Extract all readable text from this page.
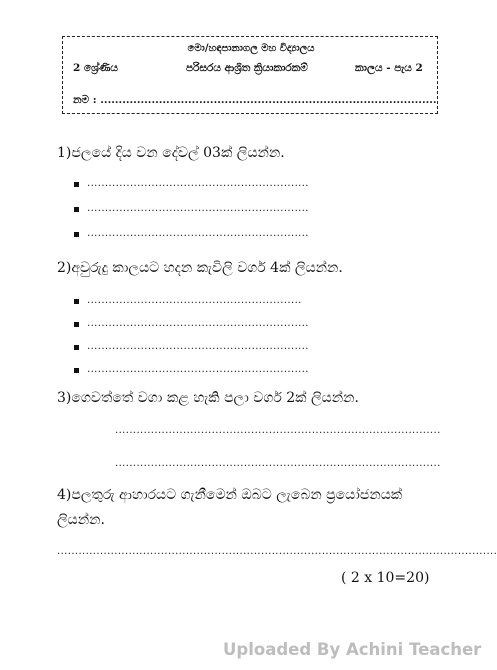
මො/හඳපානාගල මහ විද්‍යාලය
2 ශ්‍රේණිය	පරිසරය ආශ්‍රිත ක්‍රියාකාරකම්	කාලය - පැය 2
නම : ............................................................................................
1)ජලයේ දිය වන දේවල් 03ක් ලියන්න.
..............................................................
..............................................................
..............................................................
2)අවුරුදු කාලයට හදන කැවිලි වර්ග 4ක් ලියන්න.
............................................................
..............................................................
..............................................................
..............................................................
3)ගෙවත්තේ වගා කළ හැකි පලා වර්ග 2ක් ලියන්න.
...........................................................................................
...........................................................................................
4)පලතුරු ආහාරයට ගැනීමෙන් ඔබට ලැබෙන ප්‍රයෝජනයක්
ලියන්න.
...........................................................................................................................
( 2 x 10=20)
Uploaded By Achini Teacher
